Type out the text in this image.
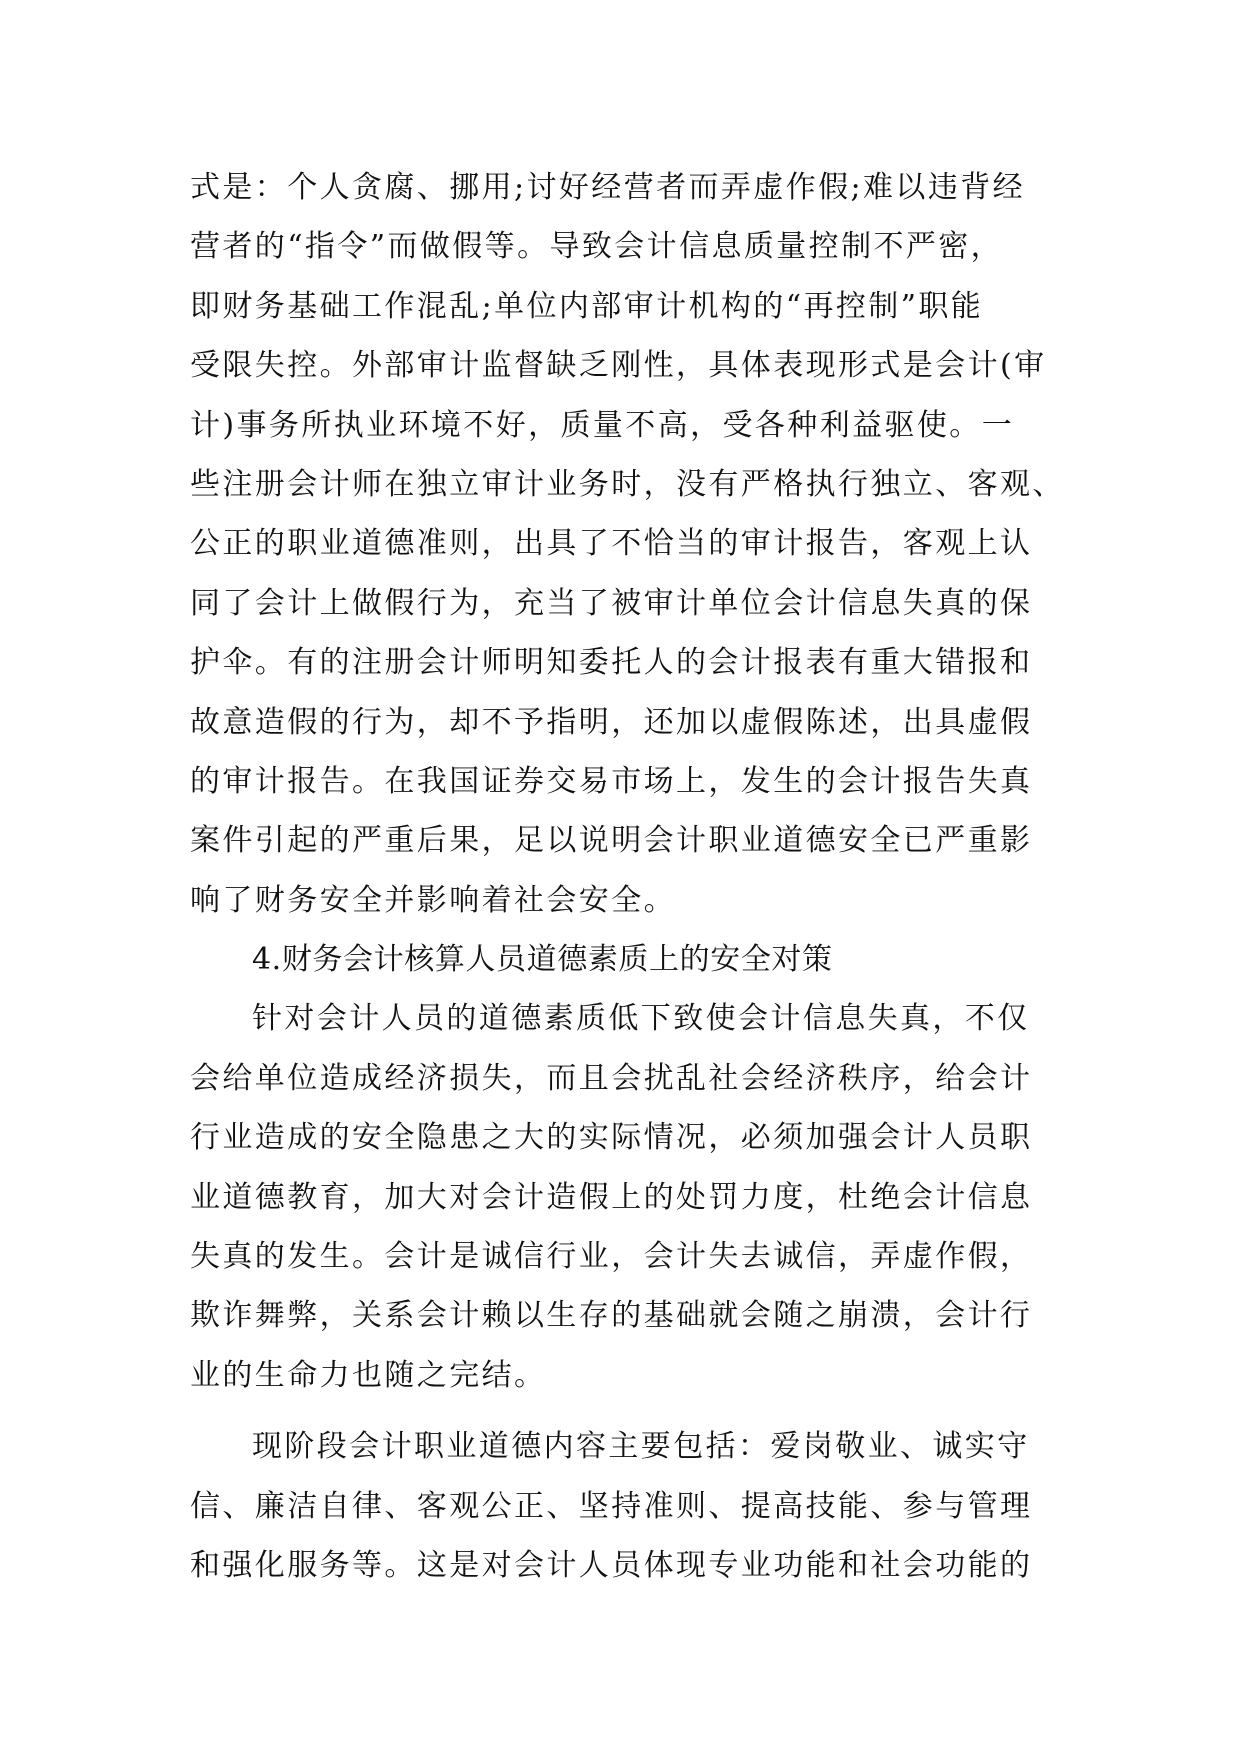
式是：个人贪腐、挪用;讨好经营者而弄虚作假;难以违背经
营者的“指令”而做假等。导致会计信息质量控制不严密，
即财务基础工作混乱;单位内部审计机构的“再控制”职能
受限失控。外部审计监督缺乏刚性，具体表现形式是会计(审
计)事务所执业环境不好，质量不高，受各种利益驱使。一
些注册会计师在独立审计业务时，没有严格执行独立、客观、
公正的职业道德准则，出具了不恰当的审计报告，客观上认
同了会计上做假行为，充当了被审计单位会计信息失真的保
护伞。有的注册会计师明知委托人的会计报表有重大错报和
故意造假的行为，却不予指明，还加以虚假陈述，出具虚假
的审计报告。在我国证券交易市场上，发生的会计报告失真
案件引起的严重后果，足以说明会计职业道德安全已严重影
响了财务安全并影响着社会安全。
4.财务会计核算人员道德素质上的安全对策
针对会计人员的道德素质低下致使会计信息失真，不仅
会给单位造成经济损失，而且会扰乱社会经济秩序，给会计
行业造成的安全隐患之大的实际情况，必须加强会计人员职
业道德教育，加大对会计造假上的处罚力度，杜绝会计信息
失真的发生。会计是诚信行业，会计失去诚信，弄虚作假，
欺诈舞弊，关系会计赖以生存的基础就会随之崩溃，会计行
业的生命力也随之完结。
现阶段会计职业道德内容主要包括：爱岗敬业、诚实守
信、廉洁自律、客观公正、坚持准则、提高技能、参与管理
和强化服务等。这是对会计人员体现专业功能和社会功能的
